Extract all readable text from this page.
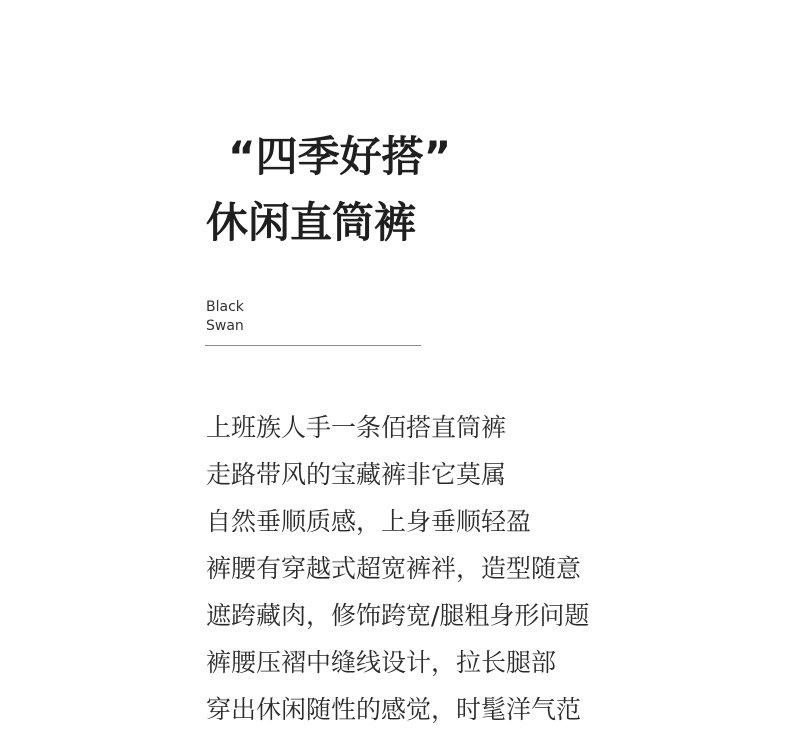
“四季好搭”
休闲直筒裤
Black
Swan
上班族人手一条佰搭直筒裤
走路带风的宝藏裤非它莫属
自然垂顺质感，上身垂顺轻盈
裤腰有穿越式超宽裤袢，造型随意
遮跨藏肉，修饰跨宽/腿粗身形问题
裤腰压褶中缝线设计，拉长腿部
穿出休闲随性的感觉，时髦洋气范
